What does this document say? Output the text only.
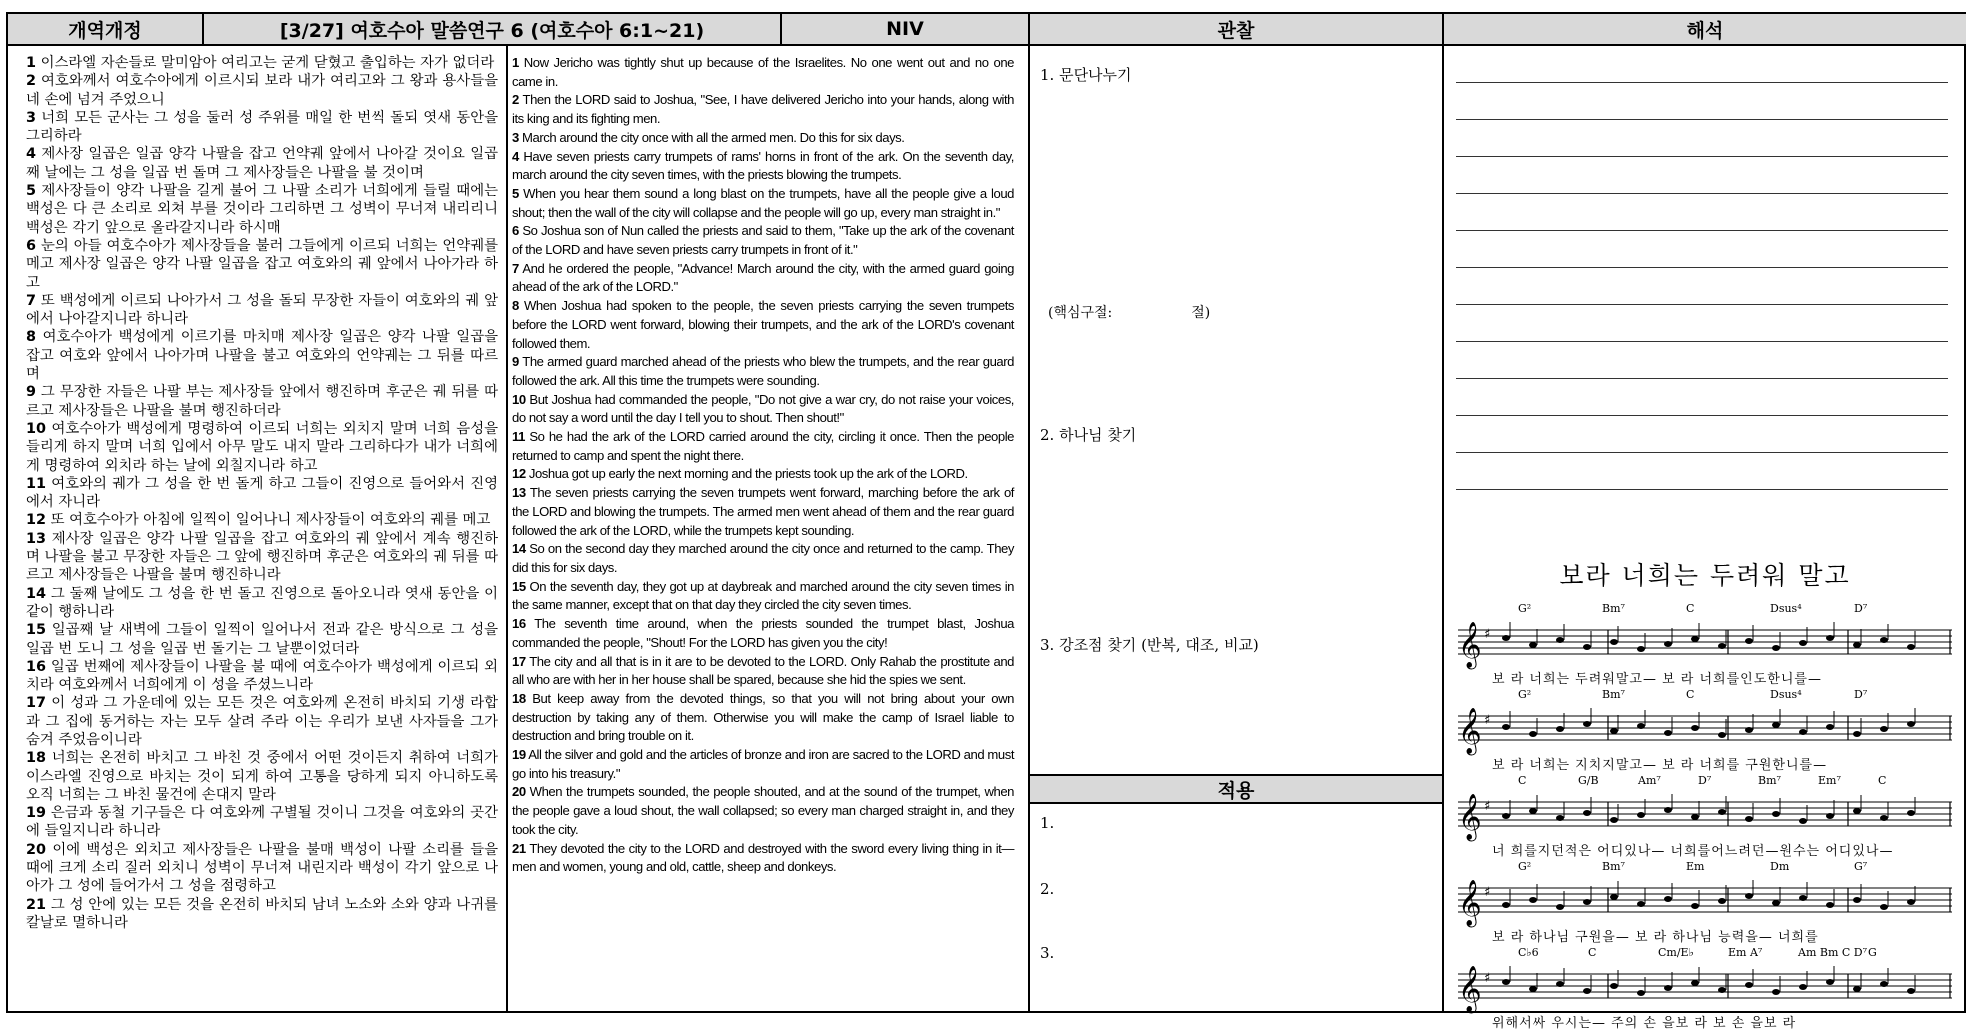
개역개정	[3/27] 여호수아 말씀연구 6 (여호수아 6:1~21)	NIV	관찰	해석

1 이스라엘 자손들로 말미암아 여리고는 굳게 닫혔고 출입하는 자가 없더라

2 여호와께서 여호수아에게 이르시되 보라 내가 여리고와 그 왕과 용사들을 네 손에 넘겨 주었으니

3 너희 모든 군사는 그 성을 둘러 성 주위를 매일 한 번씩 돌되 엿새 동안을 그리하라

4 제사장 일곱은 일곱 양각 나팔을 잡고 언약궤 앞에서 나아갈 것이요 일곱째 날에는 그 성을 일곱 번 돌며 그 제사장들은 나팔을 불 것이며

5 제사장들이 양각 나팔을 길게 불어 그 나팔 소리가 너희에게 들릴 때에는 백성은 다 큰 소리로 외쳐 부를 것이라 그리하면 그 성벽이 무너져 내리리니 백성은 각기 앞으로 올라갈지니라 하시매

6 눈의 아들 여호수아가 제사장들을 불러 그들에게 이르되 너희는 언약궤를 메고 제사장 일곱은 양각 나팔 일곱을 잡고 여호와의 궤 앞에서 나아가라 하고

7 또 백성에게 이르되 나아가서 그 성을 돌되 무장한 자들이 여호와의 궤 앞에서 나아갈지니라 하니라

8 여호수아가 백성에게 이르기를 마치매 제사장 일곱은 양각 나팔 일곱을 잡고 여호와 앞에서 나아가며 나팔을 불고 여호와의 언약궤는 그 뒤를 따르며

9 그 무장한 자들은 나팔 부는 제사장들 앞에서 행진하며 후군은 궤 뒤를 따르고 제사장들은 나팔을 불며 행진하더라

10 여호수아가 백성에게 명령하여 이르되 너희는 외치지 말며 너희 음성을 들리게 하지 말며 너희 입에서 아무 말도 내지 말라 그리하다가 내가 너희에게 명령하여 외치라 하는 날에 외칠지니라 하고

11 여호와의 궤가 그 성을 한 번 돌게 하고 그들이 진영으로 들어와서 진영에서 자니라

12 또 여호수아가 아침에 일찍이 일어나니 제사장들이 여호와의 궤를 메고

13 제사장 일곱은 양각 나팔 일곱을 잡고 여호와의 궤 앞에서 계속 행진하며 나팔을 불고 무장한 자들은 그 앞에 행진하며 후군은 여호와의 궤 뒤를 따르고 제사장들은 나팔을 불며 행진하니라

14 그 둘째 날에도 그 성을 한 번 돌고 진영으로 돌아오니라 엿새 동안을 이같이 행하니라

15 일곱째 날 새벽에 그들이 일찍이 일어나서 전과 같은 방식으로 그 성을 일곱 번 도니 그 성을 일곱 번 돌기는 그 날뿐이었더라

16 일곱 번째에 제사장들이 나팔을 불 때에 여호수아가 백성에게 이르되 외치라 여호와께서 너희에게 이 성을 주셨느니라

17 이 성과 그 가운데에 있는 모든 것은 여호와께 온전히 바치되 기생 라합과 그 집에 동거하는 자는 모두 살려 주라 이는 우리가 보낸 사자들을 그가 숨겨 주었음이니라

18 너희는 온전히 바치고 그 바친 것 중에서 어떤 것이든지 취하여 너희가 이스라엘 진영으로 바치는 것이 되게 하여 고통을 당하게 되지 아니하도록 오직 너희는 그 바친 물건에 손대지 말라

19 은금과 동철 기구들은 다 여호와께 구별될 것이니 그것을 여호와의 곳간에 들일지니라 하니라

20 이에 백성은 외치고 제사장들은 나팔을 불매 백성이 나팔 소리를 들을 때에 크게 소리 질러 외치니 성벽이 무너져 내린지라 백성이 각기 앞으로 나아가 그 성에 들어가서 그 성을 점령하고

21 그 성 안에 있는 모든 것을 온전히 바치되 남녀 노소와 소와 양과 나귀를 칼날로 멸하니라

1 Now Jericho was tightly shut up because of the Israelites. No one went out and no one came in.

2 Then the LORD said to Joshua, "See, I have delivered Jericho into your hands, along with its king and its fighting men.

3 March around the city once with all the armed men. Do this for six days.

4 Have seven priests carry trumpets of rams' horns in front of the ark. On the seventh day, march around the city seven times, with the priests blowing the trumpets.

5 When you hear them sound a long blast on the trumpets, have all the people give a loud shout; then the wall of the city will collapse and the people will go up, every man straight in."

6 So Joshua son of Nun called the priests and said to them, "Take up the ark of the covenant of the LORD and have seven priests carry trumpets in front of it."

7 And he ordered the people, "Advance! March around the city, with the armed guard going ahead of the ark of the LORD."

8 When Joshua had spoken to the people, the seven priests carrying the seven trumpets before the LORD went forward, blowing their trumpets, and the ark of the LORD's covenant followed them.

9 The armed guard marched ahead of the priests who blew the trumpets, and the rear guard followed the ark. All this time the trumpets were sounding.

10 But Joshua had commanded the people, "Do not give a war cry, do not raise your voices, do not say a word until the day I tell you to shout. Then shout!"

11 So he had the ark of the LORD carried around the city, circling it once. Then the people returned to camp and spent the night there.

12 Joshua got up early the next morning and the priests took up the ark of the LORD.

13 The seven priests carrying the seven trumpets went forward, marching before the ark of the LORD and blowing the trumpets. The armed men went ahead of them and the rear guard followed the ark of the LORD, while the trumpets kept sounding.

14 So on the second day they marched around the city once and returned to the camp. They did this for six days.

15 On the seventh day, they got up at daybreak and marched around the city seven times in the same manner, except that on that day they circled the city seven times.

16 The seventh time around, when the priests sounded the trumpet blast, Joshua commanded the people, "Shout! For the LORD has given you the city!

17 The city and all that is in it are to be devoted to the LORD. Only Rahab the prostitute and all who are with her in her house shall be spared, because she hid the spies we sent.

18 But keep away from the devoted things, so that you will not bring about your own destruction by taking any of them. Otherwise you will make the camp of Israel liable to destruction and bring trouble on it.

19 All the silver and gold and the articles of bronze and iron are sacred to the LORD and must go into his treasury."

20 When the trumpets sounded, the people shouted, and at the sound of the trumpet, when the people gave a loud shout, the wall collapsed; so every man charged straight in, and they took the city.

21 They devoted the city to the LORD and destroyed with the sword every living thing in it—men and women, young and old, cattle, sheep and donkeys.

1. 문단나누기
(핵심구절:	절)
2. 하나님 찾기
3. 강조점 찾기 (반복, 대조, 비교)
적용
1.
2.
3.
보라 너희는 두려워 말고
G²	Bm⁷	C	Dsus⁴	D⁷
𝄞 ♯
보 라 너희는 두려워말고— 보 라 너희를인도한니를—
G²	Bm⁷	C	Dsus⁴	D⁷
𝄞 ♯
보 라 너희는 지치지말고— 보 라 너희를 구원한니를—
C	G/B	Am⁷	D⁷	Bm⁷	Em⁷	C
𝄞 ♯
너 희를지던적은 어디있나— 너희를어느려던—원수는 어디있나—
G²	Bm⁷	Em	Dm	G⁷
𝄞 ♯
보 라 하나님 구원을— 보 라 하나님 능력을— 너희를
C♭6	C	Cm/E♭	Em A⁷	Am Bm C D⁷ G
𝄞 ♯
위해서싸 우시는— 주의 손 을보 라 보 손 을보 라
